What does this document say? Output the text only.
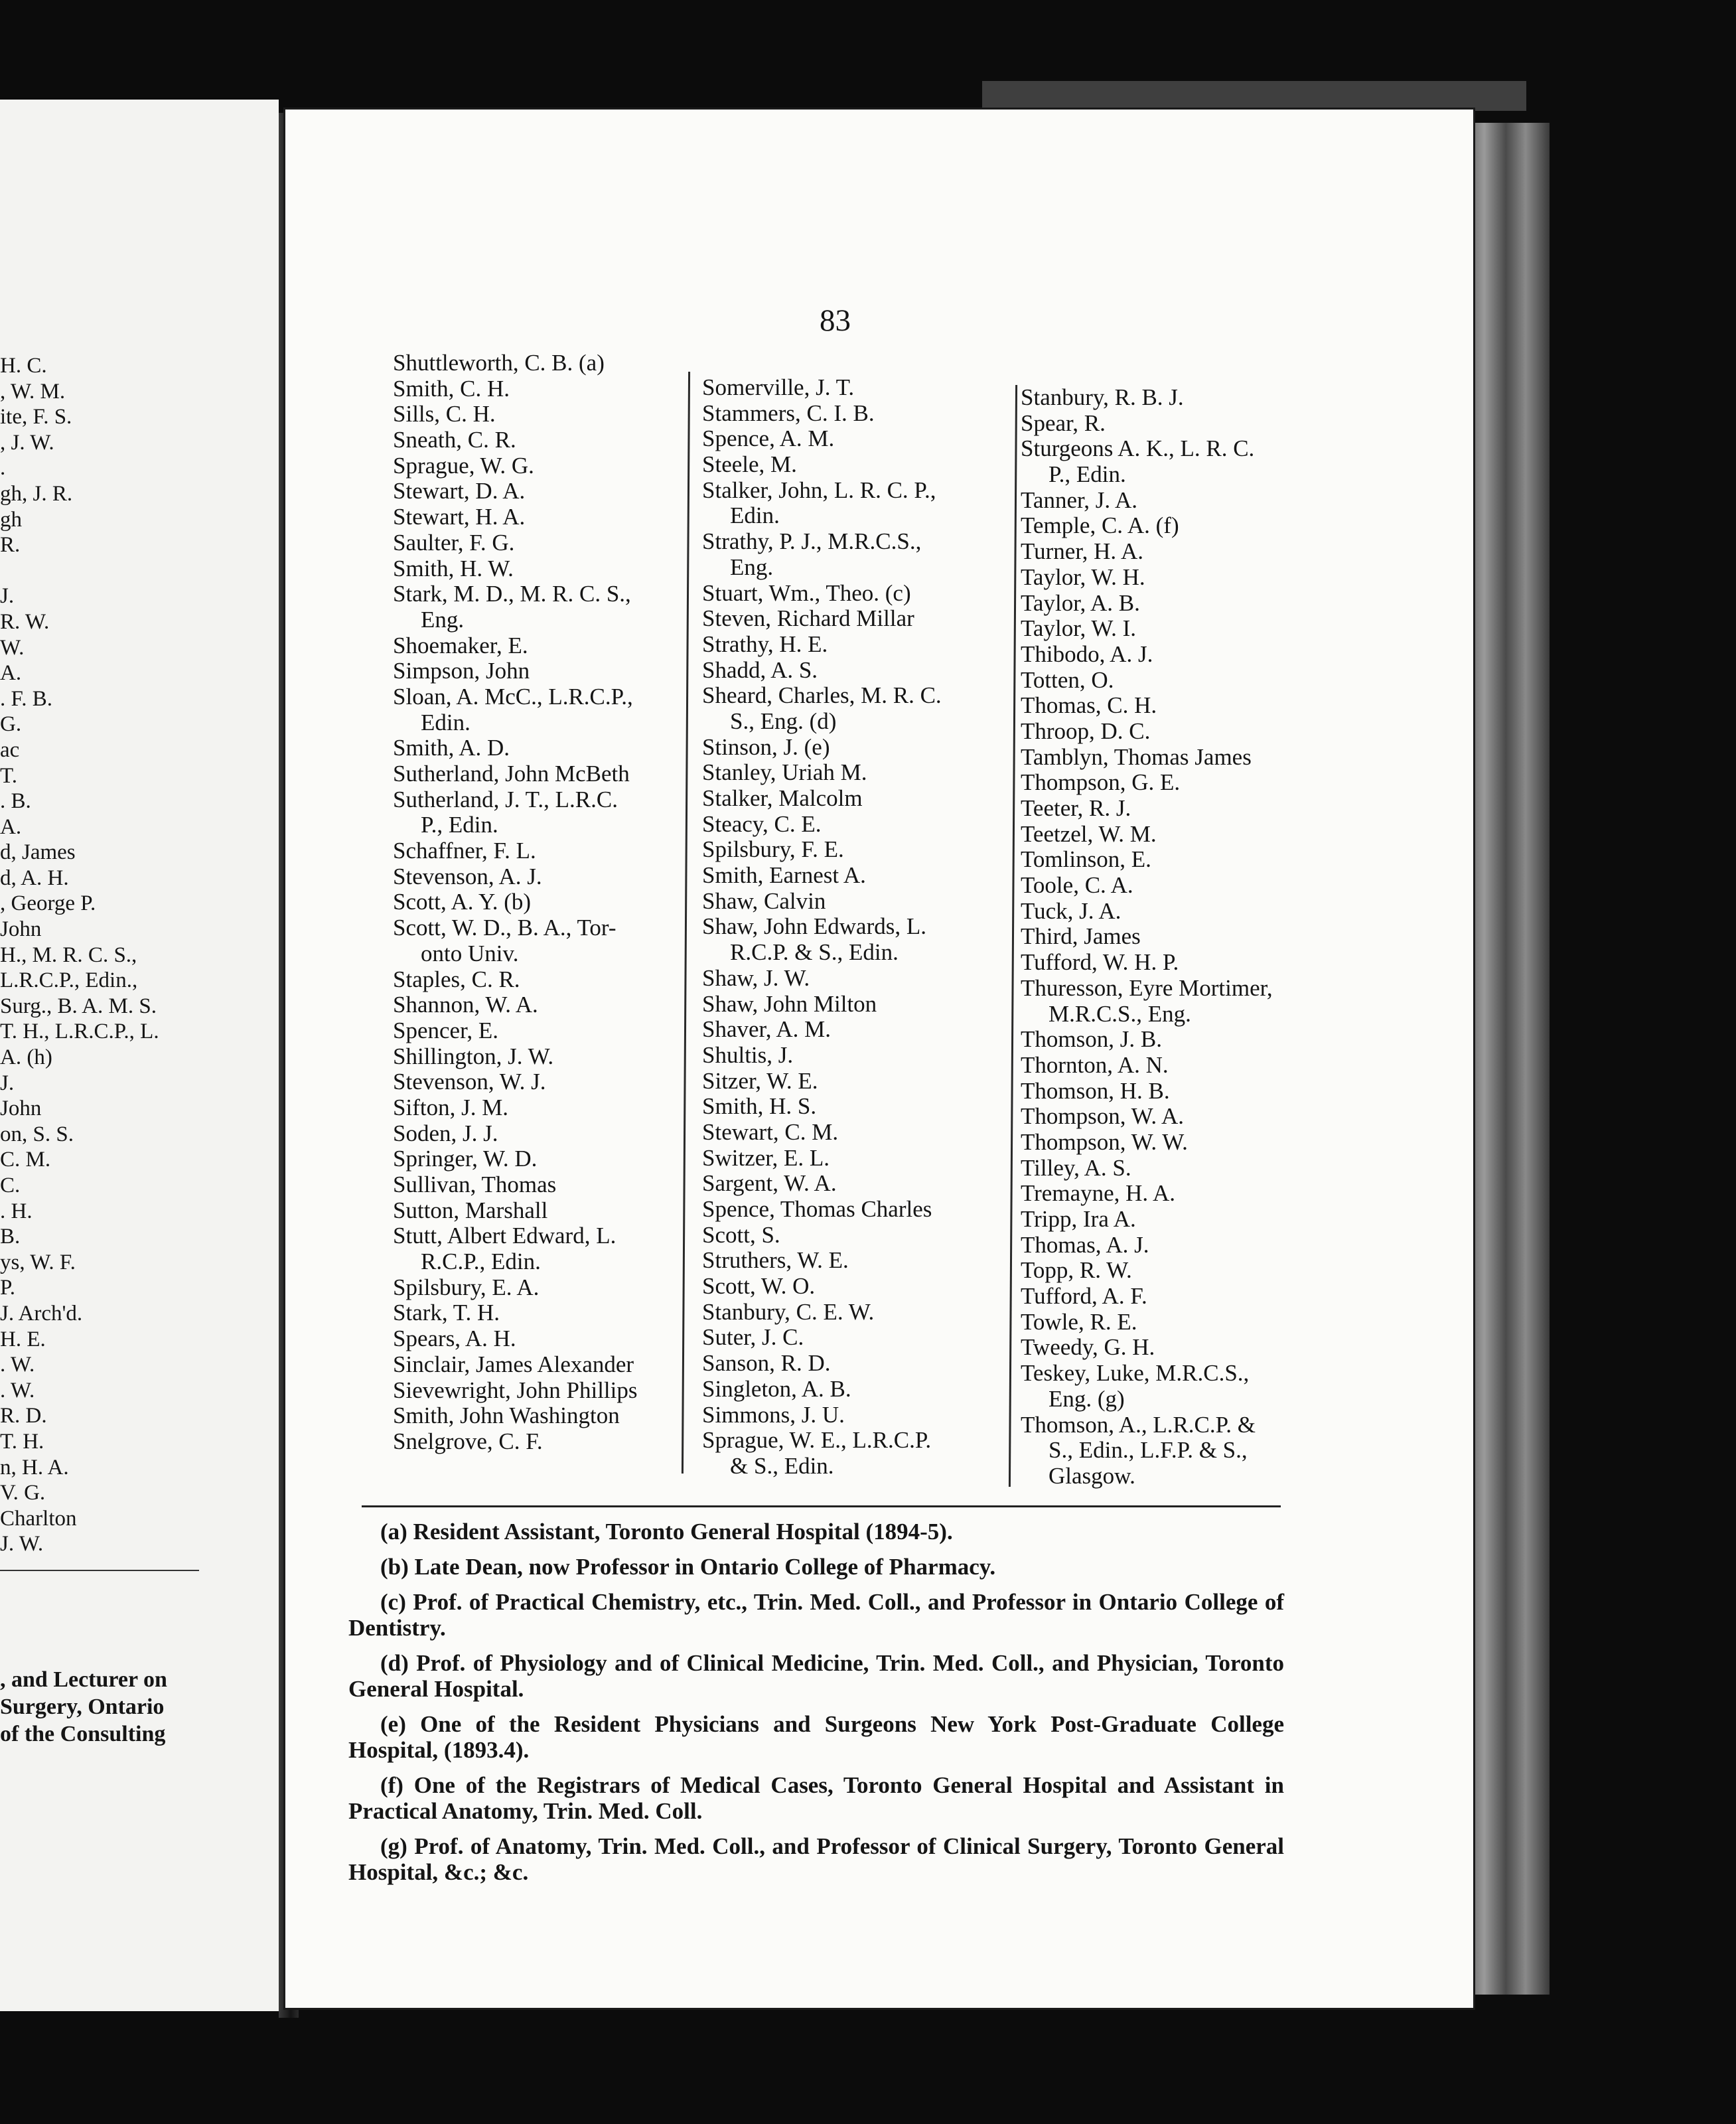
H. C.
, W. M.
ite, F. S.
, J. W.
.
gh, J. R.
gh
R.
J.
R. W.
W.
A.
. F. B.
G.
ac
T.
. B.
A.
d, James
d, A. H.
, George P.
John
H., M. R. C. S.,
L.R.C.P., Edin.,
Surg., B. A. M. S.
T. H., L.R.C.P., L.
A. (h)
J.
John
on, S. S.
C. M.
C.
. H.
B.
ys, W. F.
P.
J. Arch'd.
H. E.
. W.
. W.
R. D.
T. H.
n, H. A.
V. G.
Charlton
J. W.
, and Lecturer on
Surgery, Ontario
of the Consulting
83
Shuttleworth, C. B. (a)
Smith, C. H.
Sills, C. H.
Sneath, C. R.
Sprague, W. G.
Stewart, D. A.
Stewart, H. A.
Saulter, F. G.
Smith, H. W.
Stark, M. D., M. R. C. S.,
Eng.
Shoemaker, E.
Simpson, John
Sloan, A. McC., L.R.C.P.,
Edin.
Smith, A. D.
Sutherland, John McBeth
Sutherland, J. T., L.R.C.
P., Edin.
Schaffner, F. L.
Stevenson, A. J.
Scott, A. Y. (b)
Scott, W. D., B. A., Tor-
onto Univ.
Staples, C. R.
Shannon, W. A.
Spencer, E.
Shillington, J. W.
Stevenson, W. J.
Sifton, J. M.
Soden, J. J.
Springer, W. D.
Sullivan, Thomas
Sutton, Marshall
Stutt, Albert Edward, L.
R.C.P., Edin.
Spilsbury, E. A.
Stark, T. H.
Spears, A. H.
Sinclair, James Alexander
Sievewright, John Phillips
Smith, John Washington
Snelgrove, C. F.
Somerville, J. T.
Stammers, C. I. B.
Spence, A. M.
Steele, M.
Stalker, John, L. R. C. P.,
Edin.
Strathy, P. J., M.R.C.S.,
Eng.
Stuart, Wm., Theo. (c)
Steven, Richard Millar
Strathy, H. E.
Shadd, A. S.
Sheard, Charles, M. R. C.
S., Eng. (d)
Stinson, J. (e)
Stanley, Uriah M.
Stalker, Malcolm
Steacy, C. E.
Spilsbury, F. E.
Smith, Earnest A.
Shaw, Calvin
Shaw, John Edwards, L.
R.C.P. & S., Edin.
Shaw, J. W.
Shaw, John Milton
Shaver, A. M.
Shultis, J.
Sitzer, W. E.
Smith, H. S.
Stewart, C. M.
Switzer, E. L.
Sargent, W. A.
Spence, Thomas Charles
Scott, S.
Struthers, W. E.
Scott, W. O.
Stanbury, C. E. W.
Suter, J. C.
Sanson, R. D.
Singleton, A. B.
Simmons, J. U.
Sprague, W. E., L.R.C.P.
& S., Edin.
Stanbury, R. B. J.
Spear, R.
Sturgeons A. K., L. R. C.
P., Edin.
Tanner, J. A.
Temple, C. A. (f)
Turner, H. A.
Taylor, W. H.
Taylor, A. B.
Taylor, W. I.
Thibodo, A. J.
Totten, O.
Thomas, C. H.
Throop, D. C.
Tamblyn, Thomas James
Thompson, G. E.
Teeter, R. J.
Teetzel, W. M.
Tomlinson, E.
Toole, C. A.
Tuck, J. A.
Third, James
Tufford, W. H. P.
Thuresson, Eyre Mortimer,
M.R.C.S., Eng.
Thomson, J. B.
Thornton, A. N.
Thomson, H. B.
Thompson, W. A.
Thompson, W. W.
Tilley, A. S.
Tremayne, H. A.
Tripp, Ira A.
Thomas, A. J.
Topp, R. W.
Tufford, A. F.
Towle, R. E.
Tweedy, G. H.
Teskey, Luke, M.R.C.S.,
Eng. (g)
Thomson, A., L.R.C.P. &
S., Edin., L.F.P. & S.,
Glasgow.
(a) Resident Assistant, Toronto General Hospital (1894-5).
(b) Late Dean, now Professor in Ontario College of Pharmacy.
(c) Prof. of Practical Chemistry, etc., Trin. Med. Coll., and Professor in Ontario College of Dentistry.
(d) Prof. of Physiology and of Clinical Medicine, Trin. Med. Coll., and Physician, Toronto General Hospital.
(e) One of the Resident Physicians and Surgeons New York Post-Graduate College Hospital, (1893.4).
(f) One of the Registrars of Medical Cases, Toronto General Hospital and Assistant in Practical Anatomy, Trin. Med. Coll.
(g) Prof. of Anatomy, Trin. Med. Coll., and Professor of Clinical Surgery, Toronto General Hospital, &c.; &c.
